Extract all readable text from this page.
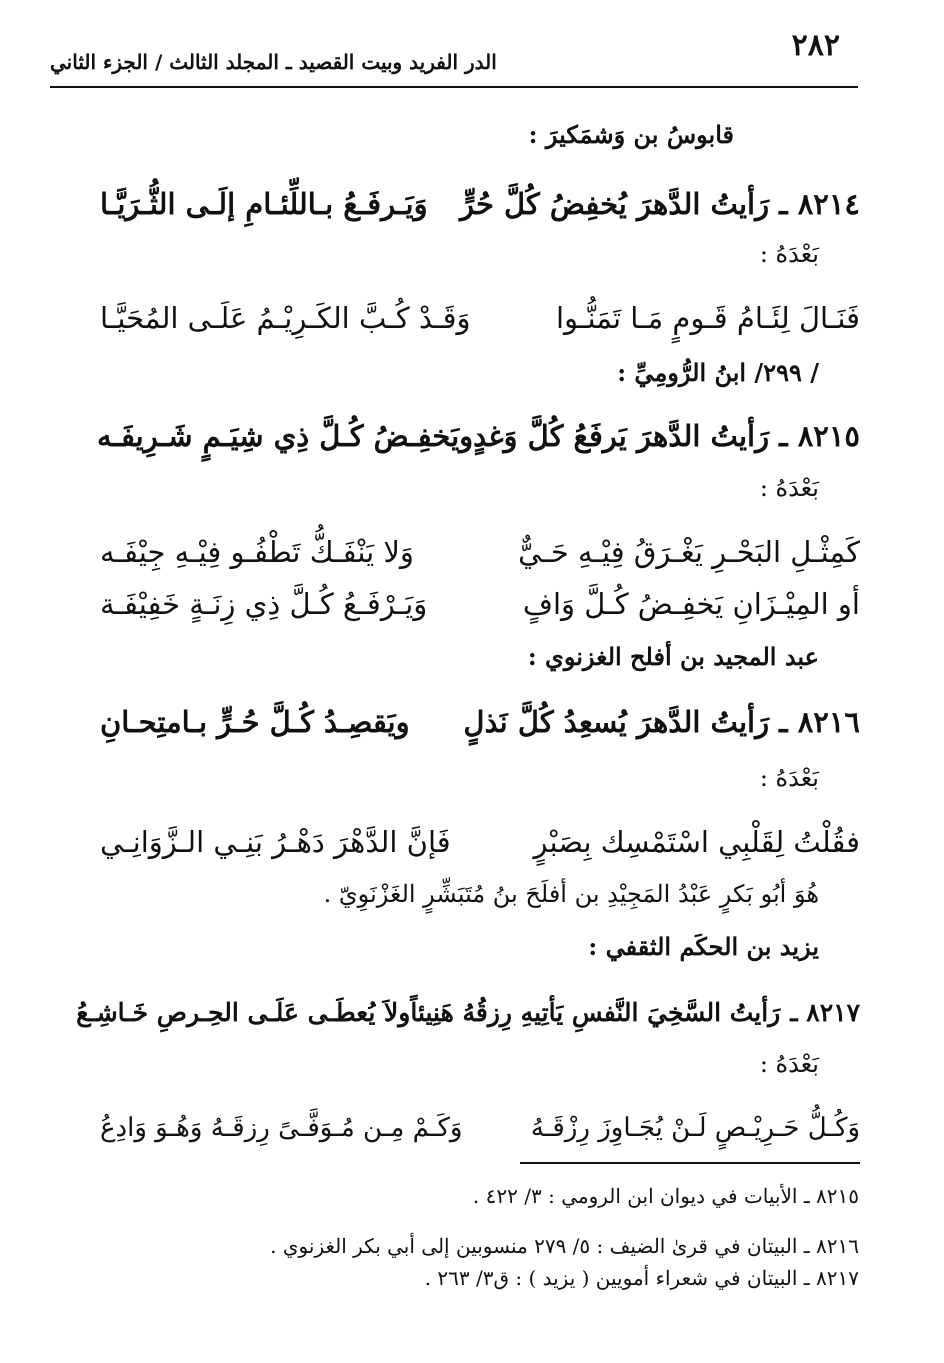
٢٨٢
الدر الفريد وبيت القصيد ـ المجلد الثالث / الجزء الثاني
قابوسُ بن وَشمَكيرَ :
٨٢١٤ ـ
رَأيتُ الدَّهرَ يُخفِضُ كُلَّ حُرٍّ
وَيَـرفَـعُ بـاللِّئـامِ إلَـى الثُّـرَيَّـا
بَعْدَهُ :
فَنَـالَ لِئَـامُ قَـومٍ مَـا تَمَنُّـوا
وَقَـدْ كُـبَّ الكَـرِيْـمُ عَلَـى المُحَيَّـا
/ ٢٩٩/ ابنُ الرُّومِيِّ :
٨٢١٥ ـ
رَأيتُ الدَّهرَ يَرفَعُ كُلَّ وَغدٍ
ويَخفِـضُ كُـلَّ ذِي شِيَـمٍ شَـرِيفَـه
بَعْدَهُ :
كَمِثْـلِ البَحْـرِ يَغْـرَقُ فِيْـهِ حَـيٌّ
وَلا يَنْفَـكُّ تَطْفُـو فِيْـهِ جِيْفَـه
أو المِيْـزَانِ يَخفِـضُ كُـلَّ وَافٍ
وَيَـرْفَـعُ كُـلَّ ذِي زِنَـةٍ خَفِيْفَـة
عبد المجيد بن أفلح الغزنوي :
٨٢١٦ ـ
رَأيتُ الدَّهرَ يُسعِدُ كُلَّ نَذلٍ
ويَقصِـدُ كُـلَّ حُـرٍّ بـامتِحـانِ
بَعْدَهُ :
فقُلْتُ لِقَلْبِي اسْتَمْسِك بِصَبْرٍ
فَإنَّ الدَّهْرَ دَهْـرُ بَنِـي الـزَّوَانِـي
هُوَ أبُو بَكرٍ عَبْدُ المَجِيْدِ بن أفلَحَ بنُ مُتَبَشِّرٍ الغَزْنَوِيّ .
يزيد بن الحكَم الثقفي :
٨٢١٧ ـ
رَأيتُ السَّخِيَ النَّفسِ يَأتِيهِ رِزقُهُ هَنِيئاً
ولاَ يُعطَـى عَلَـى الحِـرصِ خَـاشِـعُ
بَعْدَهُ :
وَكُـلُّ حَـرِيْـصٍ لَـنْ يُجَـاوِزَ رِزْقَـهُ
وَكَـمْ مِـن مُـوَفَّـىً رِزقَـهُ وَهُـوَ وَادِعُ
٨٢١٥ ـ الأبيات في ديوان ابن الرومي : ٣/ ٤٢٢ .
٨٢١٦ ـ البيتان في قرىٰ الضيف : ٥/ ٢٧٩ منسوبين إلى أبي بكر الغزنوي .
٨٢١٧ ـ البيتان في شعراء أمويين ( يزيد ) : ق٣/ ٢٦٣ .
